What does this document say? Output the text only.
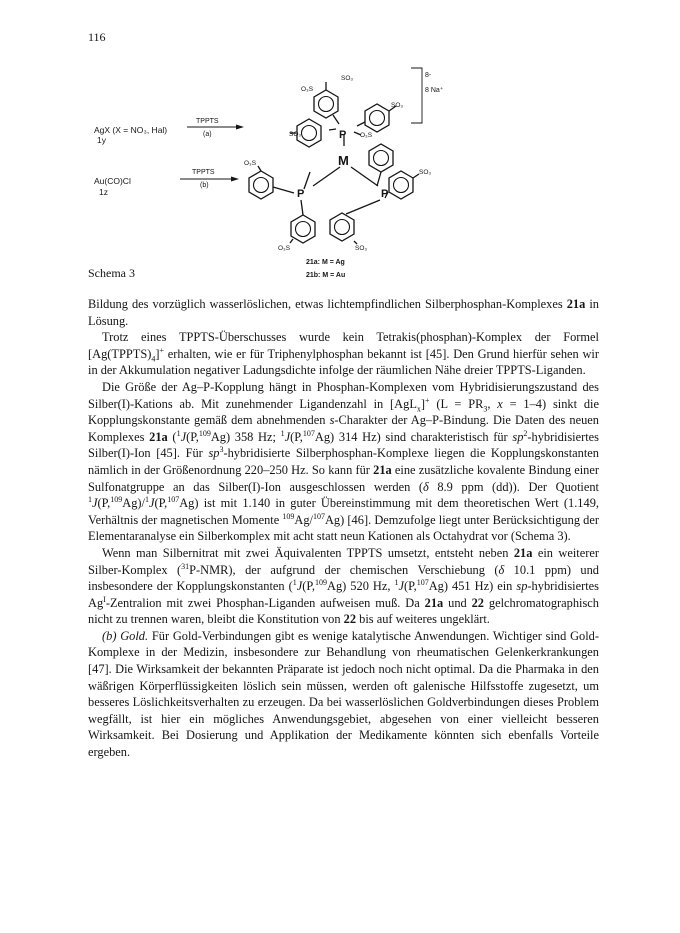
116
AgX (X = NO₃, Hal)
1y
TPPTS
(a)
Au(CO)Cl
1z
TPPTS
(b)
P
M
P	P
SO₃
O₃S
SO₃
SO₃	O₃S
O₃S
SO₃
O₃S	SO₃
8-
8 Na⁺
21a: M = Ag
21b: M = Au
Schema 3

Bildung des vorzüglich wasserlöslichen, etwas lichtempfindlichen Silberphosphan-Komplexes 21a in Lösung.

Trotz eines TPPTS-Überschusses wurde kein Tetrakis(phosphan)-Komplex der Formel $[Ag(TPPTS)_4]^+$ erhalten, wie er für Triphenylphosphan bekannt ist [45]. Den Grund hierfür sehen wir in der Akkumulation negativer Ladungsdichte infolge der räumlichen Nähe dreier TPPTS-Liganden.

Die Größe der Ag–P-Kopplung hängt in Phosphan-Komplexen vom Hybridisierungszustand des Silber(I)-Kations ab. Mit zunehmender Ligandenzahl in [AgL$_x$]+ ($L = PR_3$, x = 1–4) sinkt die Kopplungskonstante gemäß dem abnehmenden s-Charakter der Ag–P-Bindung. Die Daten des neuen Komplexes 21a ($^1$J(P,$^{109}$Ag) 358 Hz; $^1$J(P,$^{107}$Ag) 314 Hz) sind charakteristisch für $sp^2$-hybridisiertes Silber(I)-Ion [45]. Für $sp^3$-hybridisierte Silberphosphan-Komplexe liegen die Kopplungskonstanten nämlich in der Größenordnung 220–250 Hz. So kann für 21a eine zusätzliche kovalente Bindung einer Sulfonatgruppe an das Silber(I)-Ion ausgeschlossen werden (δ 8.9 ppm (dd)). Der Quotient $^1$J(P,$^{109}$Ag)/$^1$J(P,$^{107}$Ag) ist mit 1.140 in guter Übereinstimmung mit dem theoretischen Wert (1.149, Verhältnis der magnetischen Momente $^{109}$Ag/$^{107}$Ag) [46]. Demzufolge liegt unter Berücksichtigung der Elementaranalyse ein Silberkomplex mit acht statt neun Kationen als Octahydrat vor (Schema 3).

Wenn man Silbernitrat mit zwei Äquivalenten TPPTS umsetzt, entsteht neben 21a ein weiterer Silber-Komplex ($^{31}$P-NMR), der aufgrund der chemischen Verschiebung (δ 10.1 ppm) und insbesondere der Kopplungskonstanten ($^1$J(P,$^{109}$Ag) 520 Hz, $^1$J(P,$^{107}$Ag) 451 Hz) ein sp-hybridisiertes $Ag^I$-Zentralion mit zwei Phosphan-Liganden aufweisen muß. Da 21a und 22 gelchromatographisch nicht zu trennen waren, bleibt die Konstitution von 22 bis auf weiteres ungeklärt.

(b) Gold. Für Gold-Verbindungen gibt es wenige katalytische Anwendungen. Wichtiger sind Gold-Komplexe in der Medizin, insbesondere zur Behandlung von rheumatischen Gelenkerkrankungen [47]. Die Wirksamkeit der bekannten Präparate ist jedoch noch nicht optimal. Da die Pharmaka in den wäßrigen Körperflüssigkeiten löslich sein müssen, werden oft galenische Hilfsstoffe zugesetzt, um besseres Löslichkeitsverhalten zu erzeugen. Da bei wasserlöslichen Goldverbindungen dieses Problem wegfällt, ist hier ein mögliches Anwendungsgebiet, abgesehen von einer vielleicht besseren Wirksamkeit. Bei Dosierung und Applikation der Medikamente könnten sich ebenfalls Vorteile ergeben.
